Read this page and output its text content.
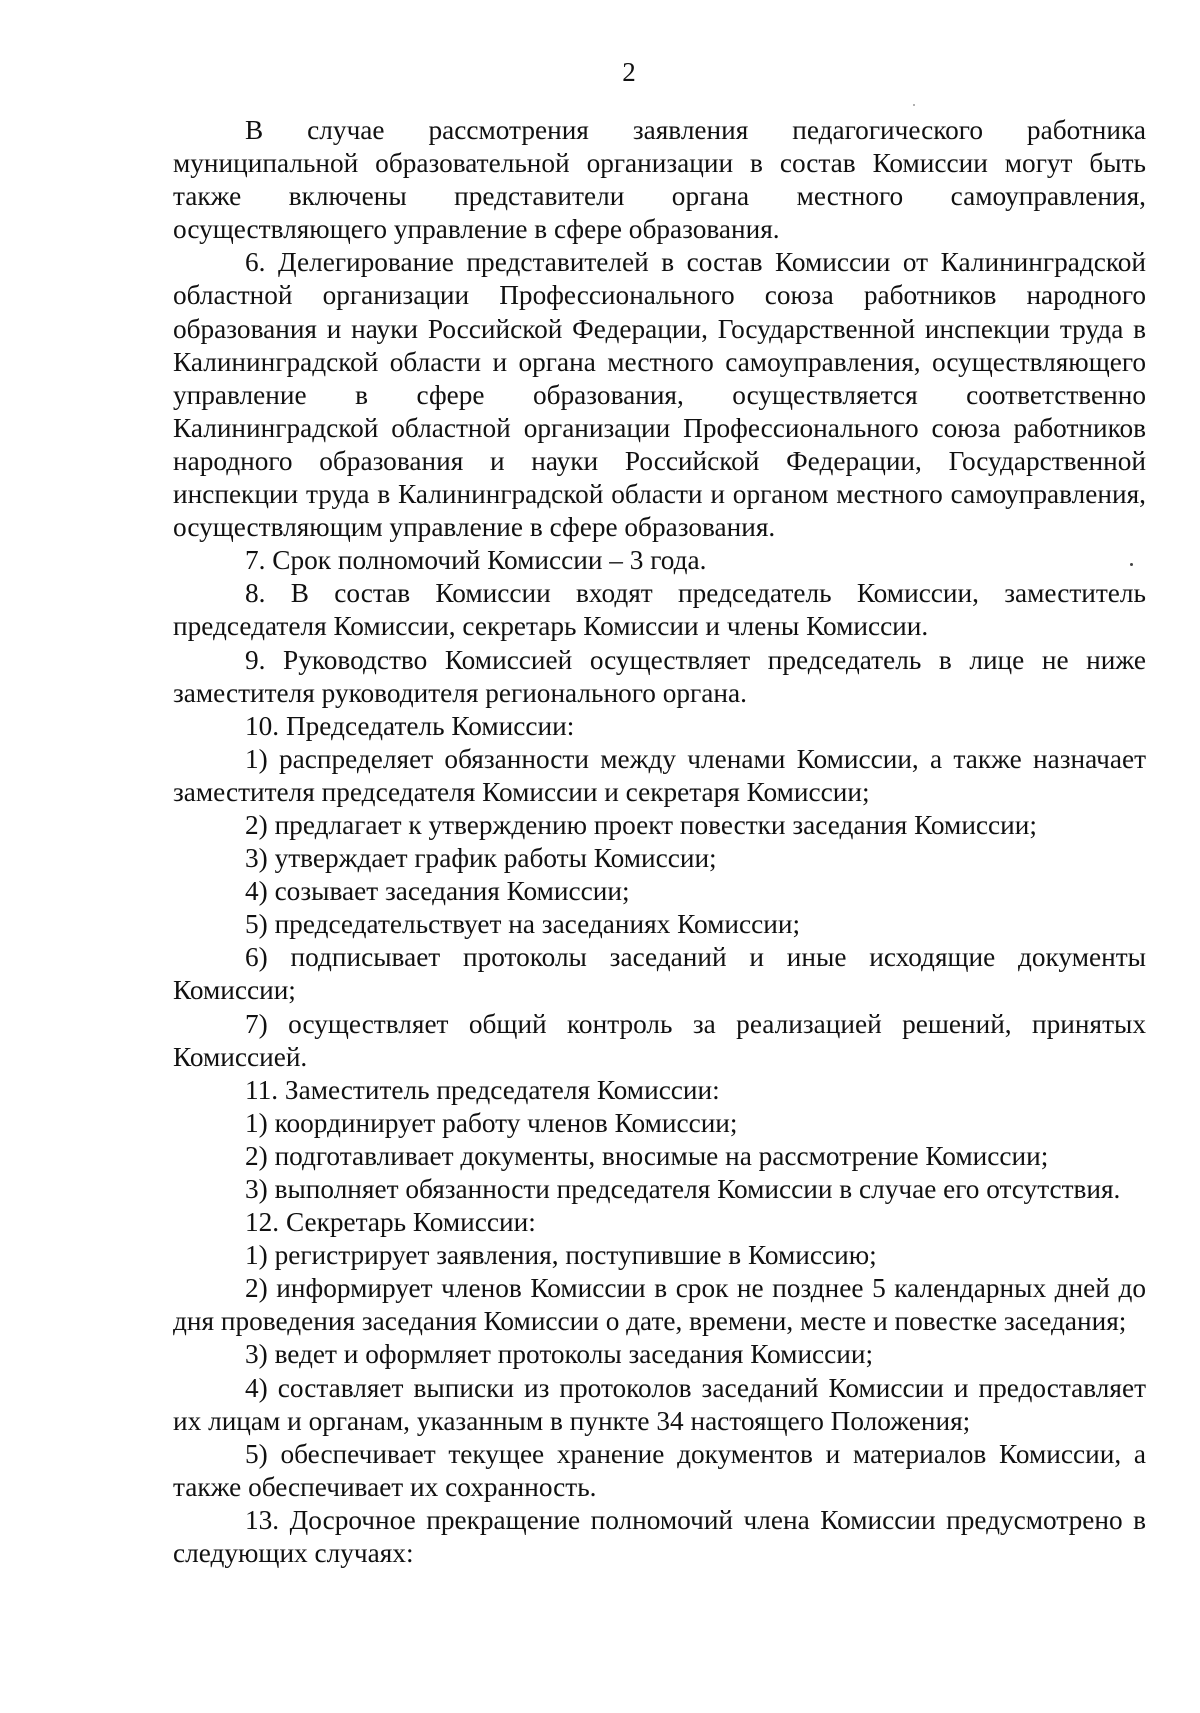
2

В случае рассмотрения заявления педагогического работника муниципальной образовательной организации в состав Комиссии могут быть также включены представители органа местного самоуправления, осуществляющего управление в сфере образования.

6. Делегирование представителей в состав Комиссии от Калининградской областной организации Профессионального союза работников народного образования и науки Российской Федерации, Государственной инспекции труда в Калининградской области и органа местного самоуправления, осуществляющего управление в сфере образования, осуществляется соответственно Калининградской областной организации Профессионального союза работников народного образования и науки Российской Федерации, Государственной инспекции труда в Калининградской области и органом местного самоуправления, осуществляющим управление в сфере образования.

7. Срок полномочий Комиссии – 3 года.

8. В состав Комиссии входят председатель Комиссии, заместитель председателя Комиссии, секретарь Комиссии и члены Комиссии.

9. Руководство Комиссией осуществляет председатель в лице не ниже заместителя руководителя регионального органа.

10. Председатель Комиссии:

1) распределяет обязанности между членами Комиссии, а также назначает заместителя председателя Комиссии и секретаря Комиссии;

2) предлагает к утверждению проект повестки заседания Комиссии;

3) утверждает график работы Комиссии;

4) созывает заседания Комиссии;

5) председательствует на заседаниях Комиссии;

6) подписывает протоколы заседаний и иные исходящие документы Комиссии;

7) осуществляет общий контроль за реализацией решений, принятых Комиссией.

11. Заместитель председателя Комиссии:

1) координирует работу членов Комиссии;

2) подготавливает документы, вносимые на рассмотрение Комиссии;

3) выполняет обязанности председателя Комиссии в случае его отсутствия.

12. Секретарь Комиссии:

1) регистрирует заявления, поступившие в Комиссию;

2) информирует членов Комиссии в срок не позднее 5 календарных дней до дня проведения заседания Комиссии о дате, времени, месте и повестке заседания;

3) ведет и оформляет протоколы заседания Комиссии;

4) составляет выписки из протоколов заседаний Комиссии и предоставляет их лицам и органам, указанным в пункте 34 настоящего Положения;

5) обеспечивает текущее хранение документов и материалов Комиссии, а также обеспечивает их сохранность.

13. Досрочное прекращение полномочий члена Комиссии предусмотрено в следующих случаях:
